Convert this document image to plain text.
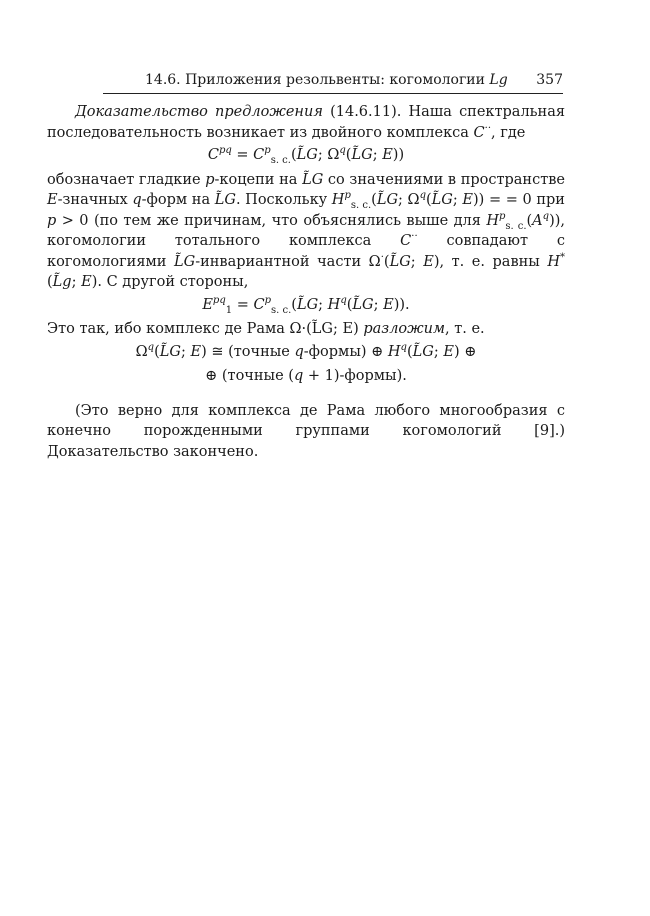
14.6. Приложения резольвенты: когомологии Lg 357

Доказательство предложения (14.6.11). Наша спектральная последовательность возникает из двойного комплекса C··, где

$C^{pq}$ = $C^p_{s. c.}(L̃G$; $\Omega^q(L̃G$; E))

обозначает гладкие p-коцепи на L̃G со значениями в пространстве E-значных q-форм на L̃G. Поскольку $H^p_{s. c.}(L̃G$; $\Omega^q(L̃G$; E)) = = 0 при p > 0 (по тем же причинам, что объяснялись выше для $H^p_{s. c.}(A^q)$), когомологии тотального комплекса C·· совпадают с когомологиями L̃G-инвариантной части Ω·(L̃G; E), т. е. равны H*(L̃g; E). С другой стороны,

$E^{pq}_1$ = $C^p_{s. c.}(L̃G$; $H^q(L̃G$; E)).

Это так, ибо комплекс де Рама Ω·(L̃G; E) разложим, т. е.

$\Omega^q(L̃G$; E) ≅ (точные q-формы) ⊕ $H^q(L̃G$; E) ⊕
⊕ (точные (q + 1)-формы).

(Это верно для комплекса де Рама любого многообразия с конечно порожденными группами когомологий [9].) Доказательство закончено.
